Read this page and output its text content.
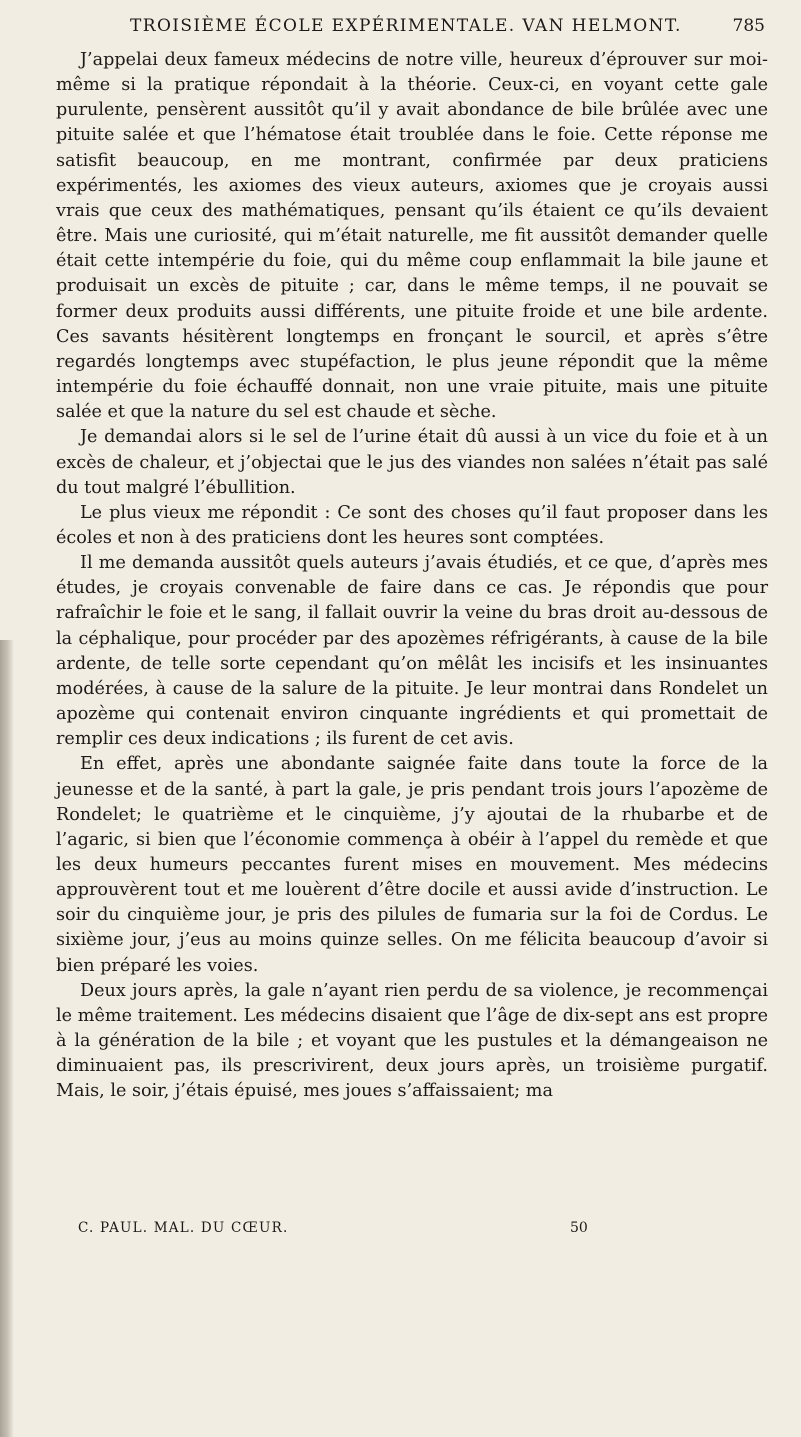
TROISIÈME ÉCOLE EXPÉRIMENTALE. VAN HELMONT.	785

J’appelai deux fameux médecins de notre ville, heureux d’éprouver sur moi-même si la pratique répondait à la théorie. Ceux-ci, en voyant cette gale purulente, pensèrent aussitôt qu’il y avait abondance de bile brûlée avec une pituite salée et que l’hématose était troublée dans le foie. Cette réponse me satisfit beaucoup, en me montrant, confirmée par deux praticiens expérimentés, les axiomes des vieux auteurs, axiomes que je croyais aussi vrais que ceux des mathématiques, pensant qu’ils étaient ce qu’ils devaient être. Mais une curiosité, qui m’était naturelle, me fit aussitôt demander quelle était cette intempérie du foie, qui du même coup enflammait la bile jaune et produisait un excès de pituite ; car, dans le même temps, il ne pouvait se former deux produits aussi différents, une pituite froide et une bile ardente. Ces savants hésitèrent longtemps en fronçant le sourcil, et après s’être regardés longtemps avec stupéfaction, le plus jeune répondit que la même intempérie du foie échauffé donnait, non une vraie pituite, mais une pituite salée et que la nature du sel est chaude et sèche.

Je demandai alors si le sel de l’urine était dû aussi à un vice du foie et à un excès de chaleur, et j’objectai que le jus des viandes non salées n’était pas salé du tout malgré l’ébullition.

Le plus vieux me répondit : Ce sont des choses qu’il faut proposer dans les écoles et non à des praticiens dont les heures sont comptées.

Il me demanda aussitôt quels auteurs j’avais étudiés, et ce que, d’après mes études, je croyais convenable de faire dans ce cas. Je répondis que pour rafraîchir le foie et le sang, il fallait ouvrir la veine du bras droit au-dessous de la céphalique, pour procéder par des apozèmes réfrigérants, à cause de la bile ardente, de telle sorte cependant qu’on mêlât les incisifs et les insinuantes modérées, à cause de la salure de la pituite. Je leur montrai dans Rondelet un apozème qui contenait environ cinquante ingrédients et qui promettait de remplir ces deux indications ; ils furent de cet avis.

En effet, après une abondante saignée faite dans toute la force de la jeunesse et de la santé, à part la gale, je pris pendant trois jours l’apozème de Rondelet; le quatrième et le cinquième, j’y ajoutai de la rhubarbe et de l’agaric, si bien que l’économie commença à obéir à l’appel du remède et que les deux humeurs peccantes furent mises en mouvement. Mes médecins approuvèrent tout et me louèrent d’être docile et aussi avide d’instruction. Le soir du cinquième jour, je pris des pilules de fumaria sur la foi de Cordus. Le sixième jour, j’eus au moins quinze selles. On me félicita beaucoup d’avoir si bien préparé les voies.

Deux jours après, la gale n’ayant rien perdu de sa violence, je recommençai le même traitement. Les médecins disaient que l’âge de dix-sept ans est propre à la génération de la bile ; et voyant que les pustules et la démangeaison ne diminuaient pas, ils prescrivirent, deux jours après, un troisième purgatif. Mais, le soir, j’étais épuisé, mes joues s’affaissaient; ma

C. PAUL. MAL. DU CŒUR.	50
